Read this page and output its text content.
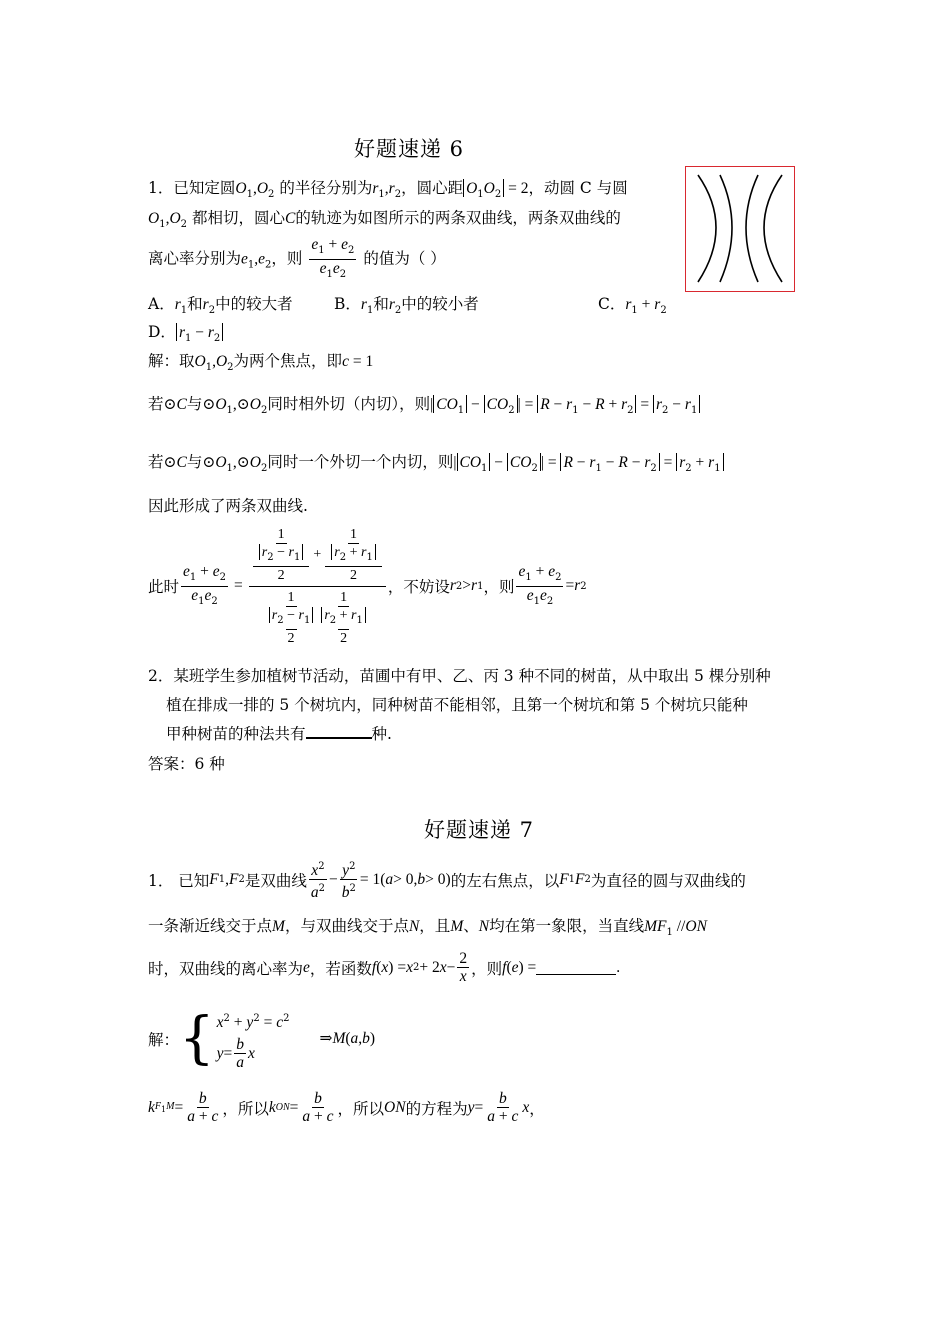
好题速递 6
1．已知定圆$O_1,O_2$ 的半径分别为$r_1,r_2$，圆心距 $O_1O_2 = 2$，动圆 C 与圆
$O_1,O_2$ 都相切，圆心C的轨迹为如图所示的两条双曲线，两条双曲线的
离心率分别为$e_1,e_2$，则 $\frac{e_1 + e_2}{e_1e_2}$ 的值为（ ）
A．$r_1$和$r_2$中的较大者	B．$r_1$和$r_2$中的较小者	C．$r_1 + r_2$
D． $r_1 - r_2$
解：取$O_1,O_2$为两个焦点，即c = 1
若⊙C与$⊙O_1,⊙O_2$同时相外切（内切），则| $CO_1 - CO_2$ | = $R - r_1 - R + r_2 = r_2 - r_1$
若⊙C与$⊙O_1,⊙O_2$同时一个外切一个内切，则| $CO_1 - CO_2$ | = $R - r_1 - R - r_2 = r_2 + r_1$
因此形成了两条双曲线.
此时 $\frac{e_1 + e_2}{e_1e_2} = \frac{\frac{1}{r_2 - r_1}}{2} + \frac{\frac{1}{r_2 + r_1}}{2}$
1
$r_2 - r_1$
2
1
$r_2 + r_1$
2 ，不妨设 r 2 > r 1 ，则 $\frac{e_1 + e_2}{e_1e_2} = r$ 2
2．某班学生参加植树节活动，苗圃中有甲、乙、丙 3 种不同的树苗，从中取出 5 棵分别种
植在排成一排的 5 个树坑内，同种树苗不能相邻，且第一个树坑和第 5 个树坑只能种
甲种树苗的种法共有	种.
答案：6 种
好题速递 7
1． 已知 F 1 , F 2 是双曲线 $\frac{x^2}{a^2} - \frac{y^2}{b^2} = 1$( a > 0, b > 0) 的左右焦点，以 F 1 F 2 为直径的圆与双曲线的
一条渐近线交于点M，与双曲线交于点N，且M、N均在第一象限，当直线$MF_1$ //ON
时，双曲线的离心率为 e ，若函数 f ( x ) = x 2 + 2 $x - \frac{2}{x}$ ，则 f ( e ) =	.
解： { $x^2 + y^2 = c^2$
$y = \frac{b}{a}$ x
⇒ M ( a , b )
k $F_1M = \frac{b}{a + c}$ ，所以 k ON = $\frac{b}{a + c}$ ，所以 ON 的方程为 $y = \frac{b}{a + c}$ x ，
